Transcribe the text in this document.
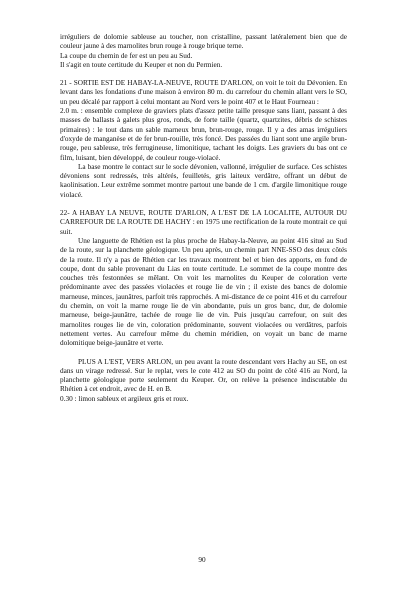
irréguliers de dolomie sableuse au toucher, non cristalline, passant latéralement bien que de couleur jaune à des marnolites brun rouge à rouge brique terne.

La coupe du chemin de fer est un peu au Sud.

Il s'agit en toute certitude du Keuper et non du Permien.

21 - SORTIE EST DE HABAY-LA-NEUVE, ROUTE D'ARLON, on voit le toit du Dévonien. En levant dans les fondations d'une maison à environ 80 m. du carrefour du chemin allant vers le SO, un peu décalé par rapport à celui montant au Nord vers le point 407 et le Haut Fourneau :

2.0 m. : ensemble complexe de graviers plats d'assez petite taille presque sans liant, passant à des masses de ballasts à galets plus gros, ronds, de forte taille (quartz, quartzites, débris de schistes primaires) : le tout dans un sable marneux brun, brun-rouge, rouge. Il y a des amas irréguliers d'oxyde de manganèse et de fer brun-rouille, très foncé. Des passées du liant sont une argile brun-rouge, peu sableuse, très ferrugineuse, limonitique, tachant les doigts. Les graviers du bas ont ce film, luisant, bien développé, de couleur rouge-violacé.

La base montre le contact sur le socle dévonien, vallonné, irrégulier de surface. Ces schistes dévoniens sont redressés, très altérés, feuilletés, gris laiteux verdâtre, offrant un début de kaolinisation. Leur extrême sommet montre partout une bande de 1 cm. d'argile limonitique rouge violacé.

22- A HABAY LA NEUVE, ROUTE D'ARLON, A L'EST DE LA LOCALITE, AUTOUR DU CARREFOUR DE LA ROUTE DE HACHY : en 1975 une rectification de la route montrait ce qui suit.

Une languette de Rhétien est la plus proche de Habay-la-Neuve, au point 416 situé au Sud de la route, sur la planchette géologique. Un peu après, un chemin part NNE-SSO des deux côtés de la route. Il n'y a pas de Rhétien car les travaux montrent bel et bien des apports, en fond de coupe, dont du sable provenant du Lias en toute certitude. Le sommet de la coupe montre des couches très festonnées se mêlant. On voit les marnolites du Keuper de coloration verte prédominante avec des passées violacées et rouge lie de vin ; il existe des bancs de dolomie marneuse, minces, jaunâtres, parfoit très rapprochés. A mi-distance de ce point 416 et du carrefour du chemin, on voit la marne rouge lie de vin abondante, puis un gros banc, dur, de dolomie marneuse, beige-jaunâtre, tachée de rouge lie de vin. Puis jusqu'au carrefour, on suit des marnolites rouges lie de vin, coloration prédominante, souvent violacées ou verdâtres, parfois nettement vertes. Au carrefour même du chemin méridien, on voyait un banc de marne dolomitique beige-jaunâtre et verte.

PLUS A L'EST, VERS ARLON, un peu avant la route descendant vers Hachy au SE, on est dans un virage redressé. Sur le replat, vers le cote 412 au SO du point de côté 416 au Nord, la planchette géologique porte seulement du Keuper. Or, on relève la présence indiscutable du Rhétien à cet endroit, avec de H. en B.

0.30 : limon sableux et argileux gris et roux.

90
